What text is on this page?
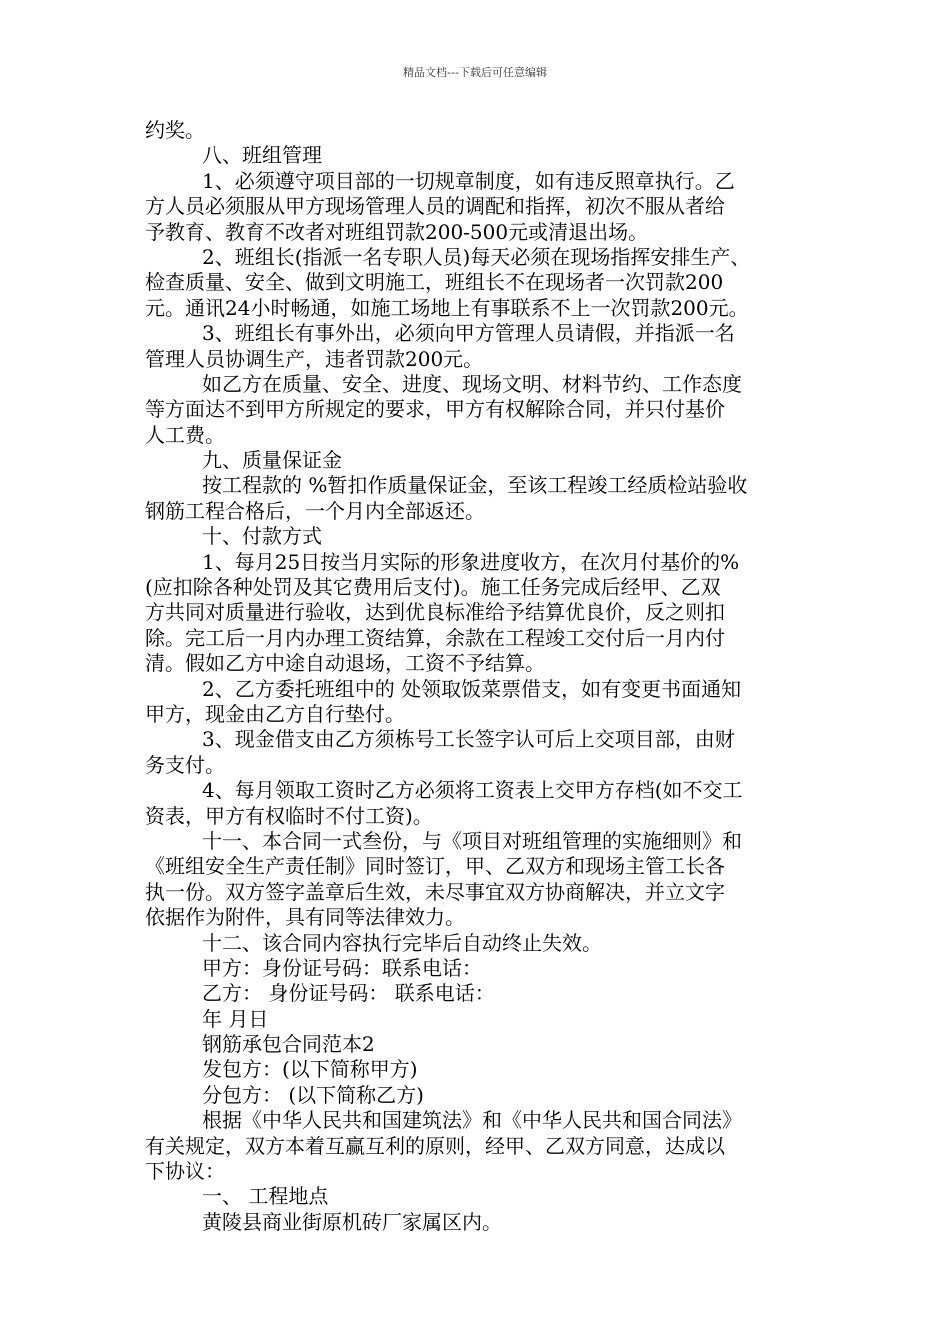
精品文档---下载后可任意编辑
约奖。
八、班组管理
1、必须遵守项目部的一切规章制度，如有违反照章执行。乙
方人员必须服从甲方现场管理人员的调配和指挥，初次不服从者给
予教育、教育不改者对班组罚款200-500元或清退出场。
2、班组长(指派一名专职人员)每天必须在现场指挥安排生产、
检查质量、安全、做到文明施工，班组长不在现场者一次罚款200
元。通讯24小时畅通，如施工场地上有事联系不上一次罚款200元。
3、班组长有事外出，必须向甲方管理人员请假，并指派一名
管理人员协调生产，违者罚款200元。
如乙方在质量、安全、进度、现场文明、材料节约、工作态度
等方面达不到甲方所规定的要求，甲方有权解除合同，并只付基价
人工费。
九、质量保证金
按工程款的 %暂扣作质量保证金，至该工程竣工经质检站验收
钢筋工程合格后，一个月内全部返还。
十、付款方式
1、每月25日按当月实际的形象进度收方，在次月付基价的%
(应扣除各种处罚及其它费用后支付)。施工任务完成后经甲、乙双
方共同对质量进行验收，达到优良标准给予结算优良价，反之则扣
除。完工后一月内办理工资结算，余款在工程竣工交付后一月内付
清。假如乙方中途自动退场，工资不予结算。
2、乙方委托班组中的 处领取饭菜票借支，如有变更书面通知
甲方，现金由乙方自行垫付。
3、现金借支由乙方须栋号工长签字认可后上交项目部，由财
务支付。
4、每月领取工资时乙方必须将工资表上交甲方存档(如不交工
资表，甲方有权临时不付工资)。
十一、本合同一式叁份，与《项目对班组管理的实施细则》和
《班组安全生产责任制》同时签订，甲、乙双方和现场主管工长各
执一份。双方签字盖章后生效，未尽事宜双方协商解决，并立文字
依据作为附件，具有同等法律效力。
十二、该合同内容执行完毕后自动终止失效。
甲方：身份证号码：联系电话：
乙方： 身份证号码： 联系电话：
年 月日
钢筋承包合同范本2
发包方：(以下简称甲方)
分包方： (以下简称乙方)
根据《中华人民共和国建筑法》和《中华人民共和国合同法》
有关规定，双方本着互赢互利的原则，经甲、乙双方同意，达成以
下协议：
一、 工程地点
黄陵县商业街原机砖厂家属区内。
